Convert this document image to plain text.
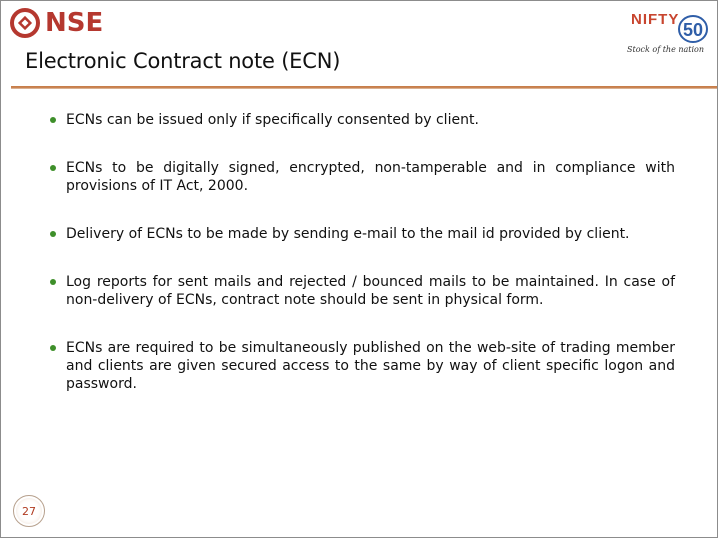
NSE	NIFTY
50
Stock of the nation
Electronic Contract note (ECN)
ECNs can be issued only if specifically consented by client.
ECNs to be digitally signed, encrypted, non-tamperable and in compliance with provisions of IT Act, 2000.
Delivery of ECNs to be made by sending e-mail to the mail id provided by client.
Log reports for sent mails and rejected / bounced mails to be maintained. In case of non-delivery of ECNs, contract note should be sent in physical form.
ECNs are required to be simultaneously published on the web-site of trading member and clients are given secured access to the same by way of client specific logon and password.
27
